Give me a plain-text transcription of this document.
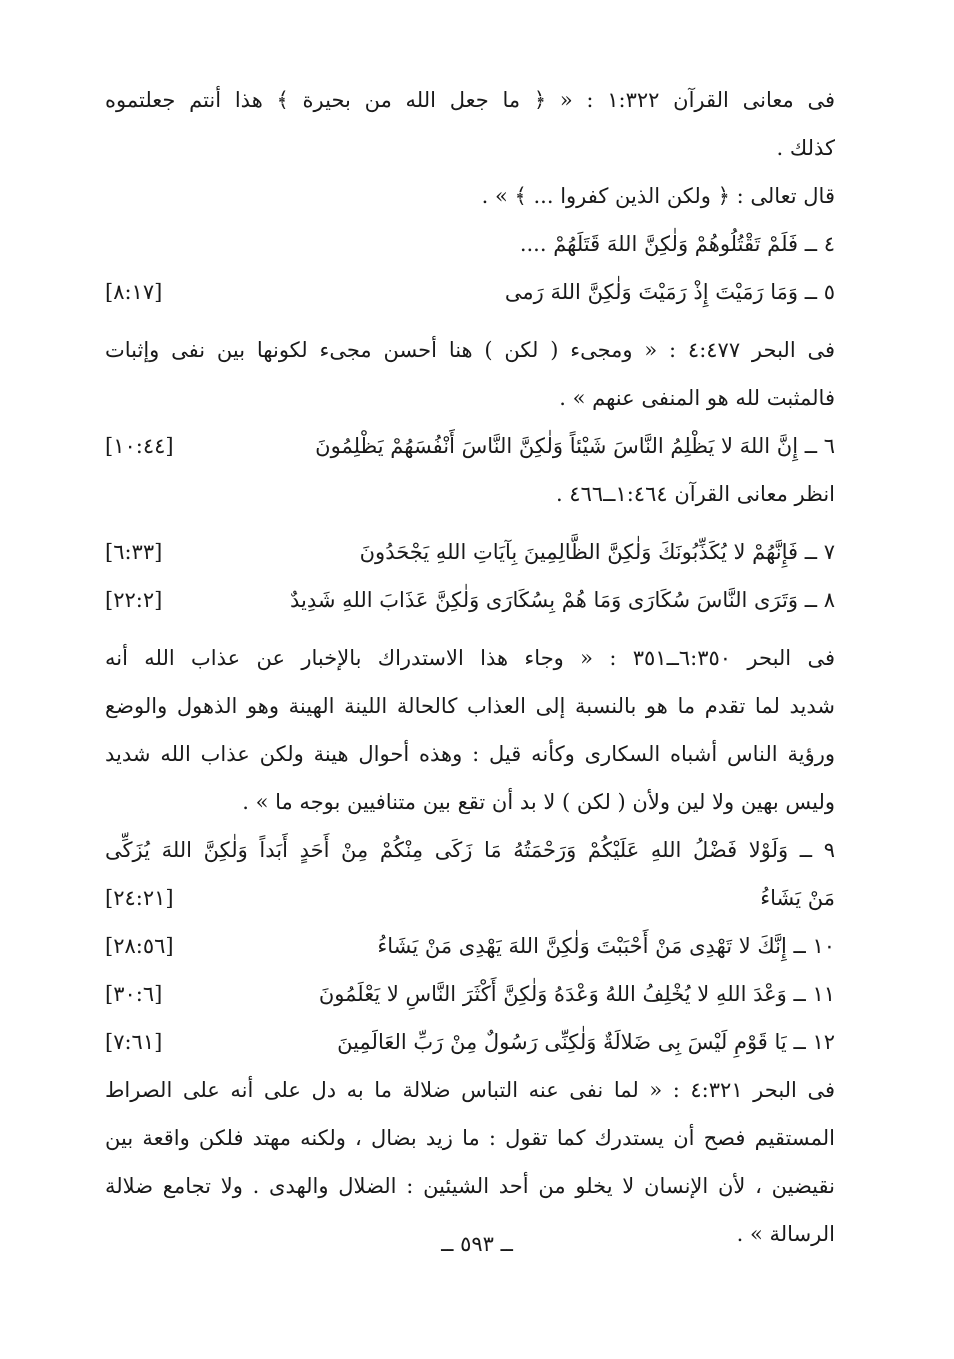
فى معانى القرآن ١:٣٢٢ : « ﴿ ما جعل الله من بحيرة ﴾ هذا أنتم جعلتموه
كذلك .
قال تعالى : ﴿ ولكن الذين كفروا ... ﴾ » .
٤ ــ فَلَمْ تَقْتُلُوهُمْ وَلٰكِنَّ اللهَ قَتَلَهُمْ ....
٥ ــ وَمَا رَمَيْتَ إِذْ رَمَيْتَ وَلٰكِنَّ اللهَ رَمى
[٨:١٧]
فى البحر ٤:٤٧٧ : « ومجىء ( لكن ) هنا أحسن مجىء لكونها بين نفى وإثبات
فالمثبت لله هو المنفى عنهم » .
٦ ــ إِنَّ اللهَ لا يَظْلِمُ النَّاسَ شَيْئاً وَلٰكِنَّ النَّاسَ أَنْفُسَهُمْ يَظْلِمُونَ
[١٠:٤٤]
انظر معانى القرآن ١:٤٦٤ــ٤٦٦ .
٧ ــ فَإِنَّهُمْ لا يُكَذِّبُونَكَ وَلٰكِنَّ الظَّالِمِينَ بِآيَاتِ اللهِ يَجْحَدُونَ
[٦:٣٣]
٨ ــ وَتَرَى النَّاسَ سُكَارَى وَمَا هُمْ بِسُكَارَى وَلٰكِنَّ عَذَابَ اللهِ شَدِيدٌ
[٢٢:٢]
فى البحر ٦:٣٥٠ــ٣٥١ : « وجاء هذا الاستدراك بالإخبار عن عذاب الله أنه
شديد لما تقدم ما هو بالنسبة إلى العذاب كالحالة اللينة الهينة وهو الذهول والوضع
ورؤية الناس أشباه السكارى وكأنه قيل : وهذه أحوال هينة ولكن عذاب الله شديد
وليس بهين ولا لين ولأن ( لكن ) لا بد أن تقع بين متنافيين بوجه ما » .
٩ ــ وَلَوْلا فَضْلُ اللهِ عَلَيْكُمْ وَرَحْمَتُهُ مَا زَكَى مِنْكُمْ مِنْ أَحَدٍ أَبَداً وَلٰكِنَّ اللهَ يُزَكِّى
مَنْ يَشَاءُ
[٢٤:٢١]
١٠ ــ إِنَّكَ لا تَهْدِى مَنْ أَحْبَبْتَ وَلٰكِنَّ اللهَ يَهْدِى مَنْ يَشَاءُ
[٢٨:٥٦]
١١ ــ وَعْدَ اللهِ لا يُخْلِفُ اللهُ وَعْدَهُ وَلٰكِنَّ أَكْثَرَ النَّاسِ لا يَعْلَمُونَ
[٣٠:٦]
١٢ ــ يَا قَوْمِ لَيْسَ بِى ضَلالَةٌ وَلٰكِنِّى رَسُولٌ مِنْ رَبِّ العَالَمِينَ
[٧:٦١]
فى البحر ٤:٣٢١ : « لما نفى عنه التباس ضلالة ما به دل على أنه على الصراط
المستقيم فصح أن يستدرك كما تقول : ما زيد بضال ، ولكنه مهتد فلكن واقعة بين
نقيضين ، لأن الإنسان لا يخلو من أحد الشيئين : الضلال والهدى . ولا تجامع ضلالة
الرسالة » .
ــ ٥٩٣ ــ
